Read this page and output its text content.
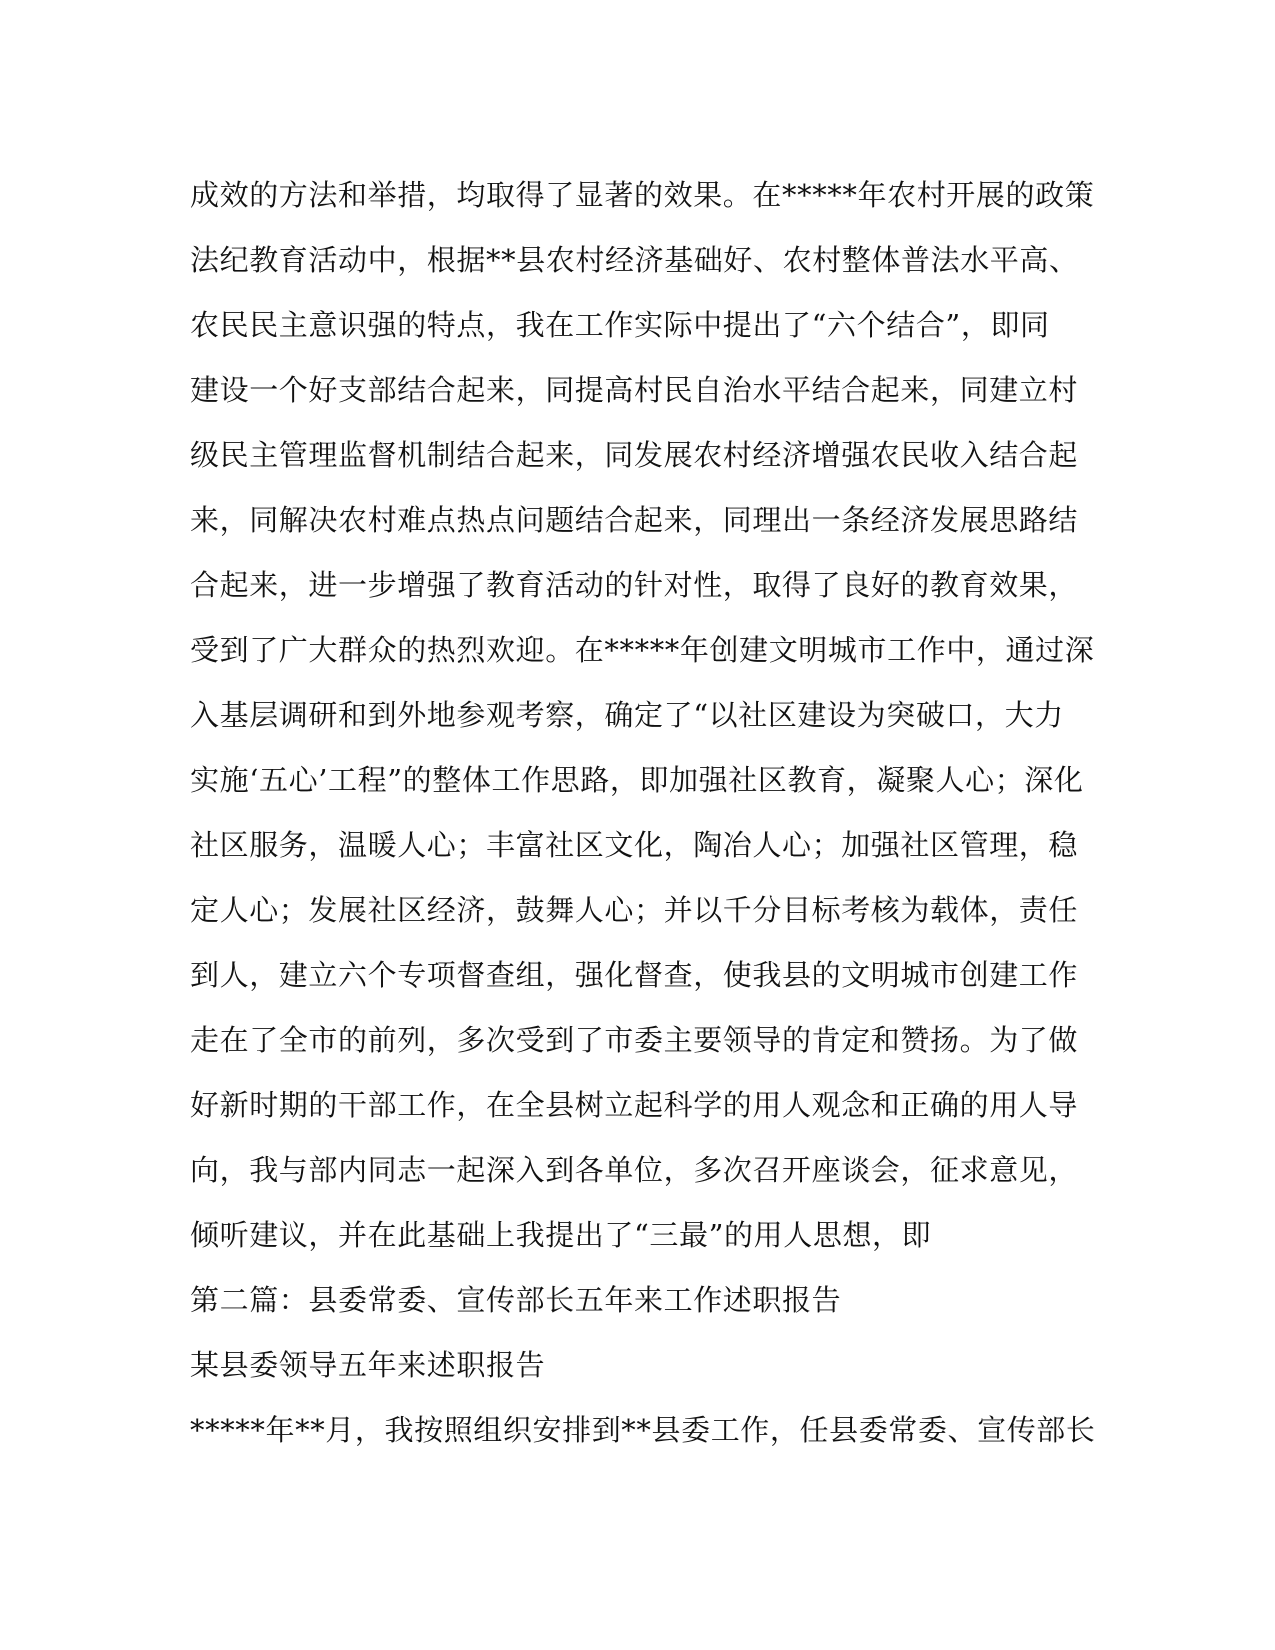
成效的方法和举措，均取得了显著的效果。在*****年农村开展的政策
法纪教育活动中，根据**县农村经济基础好、农村整体普法水平高、
农民民主意识强的特点，我在工作实际中提出了“六个结合”，即同
建设一个好支部结合起来，同提高村民自治水平结合起来，同建立村
级民主管理监督机制结合起来，同发展农村经济增强农民收入结合起
来，同解决农村难点热点问题结合起来，同理出一条经济发展思路结
合起来，进一步增强了教育活动的针对性，取得了良好的教育效果，
受到了广大群众的热烈欢迎。在*****年创建文明城市工作中，通过深
入基层调研和到外地参观考察，确定了“以社区建设为突破口，大力
实施‘五心’工程”的整体工作思路，即加强社区教育，凝聚人心；深化
社区服务，温暖人心；丰富社区文化，陶冶人心；加强社区管理，稳
定人心；发展社区经济，鼓舞人心；并以千分目标考核为载体，责任
到人，建立六个专项督查组，强化督查，使我县的文明城市创建工作
走在了全市的前列，多次受到了市委主要领导的肯定和赞扬。为了做
好新时期的干部工作，在全县树立起科学的用人观念和正确的用人导
向，我与部内同志一起深入到各单位，多次召开座谈会，征求意见，
倾听建议，并在此基础上我提出了“三最”的用人思想，即
第二篇：县委常委、宣传部长五年来工作述职报告
某县委领导五年来述职报告
*****年**月，我按照组织安排到**县委工作，任县委常委、宣传部长
